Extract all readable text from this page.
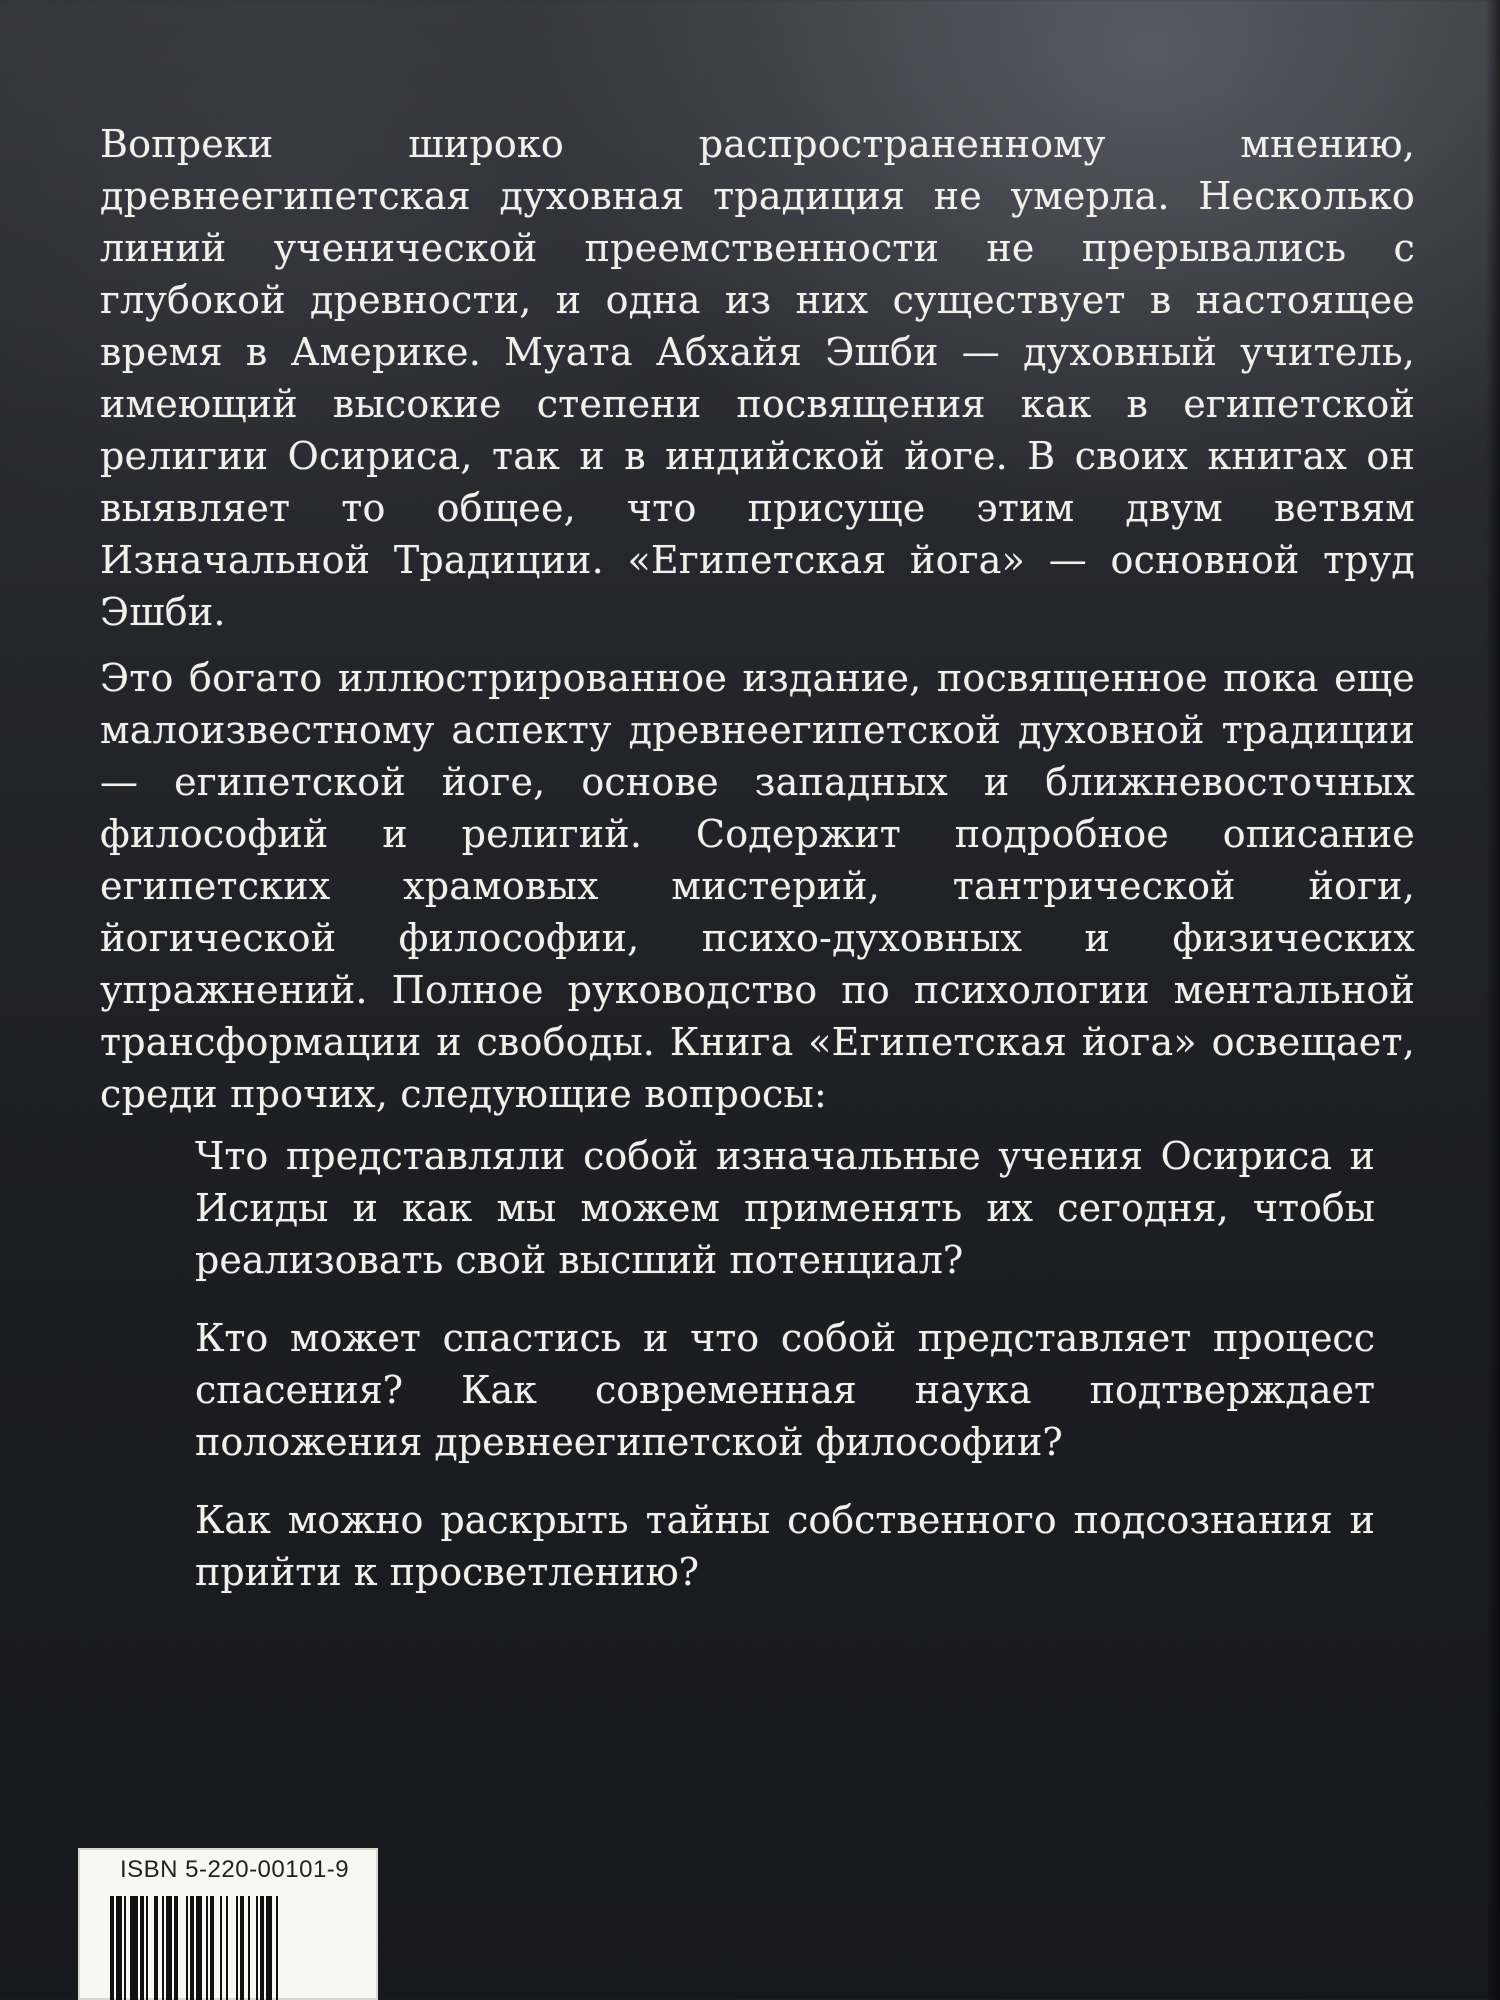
Вопреки широко распространенному мнению, древнеегипетская духовная традиция не умерла. Несколько линий ученической преемственности не прерывались с глубокой древности, и одна из них существует в настоящее время в Америке. Муата Абхайя Эшби — духовный учитель, имеющий высокие степени посвящения как в египетской религии Осириса, так и в индийской йоге. В своих книгах он выявляет то общее, что присуще этим двум ветвям Изначальной Традиции. «Египетская йога» — основной труд Эшби.

Это богато иллюстрированное издание, посвященное пока еще малоизвестному аспекту древнеегипетской духовной традиции — египетской йоге, основе западных и ближневосточных философий и религий. Содержит подробное описание египетских храмовых мистерий, тантрической йоги, йогической философии, психо-духовных и физических упражнений. Полное руководство по психологии ментальной трансформации и свободы. Книга «Египетская йога» освещает, среди прочих, следующие вопросы:

Что представляли собой изначальные учения Осириса и Исиды и как мы можем применять их сегодня, чтобы реализовать свой высший потенциал?

Кто может спастись и что собой представляет процесс спасения? Как современная наука подтверждает положения древнеегипетской философии?

Как можно раскрыть тайны собственного подсознания и прийти к просветлению?

ISBN 5-220-00101-9
